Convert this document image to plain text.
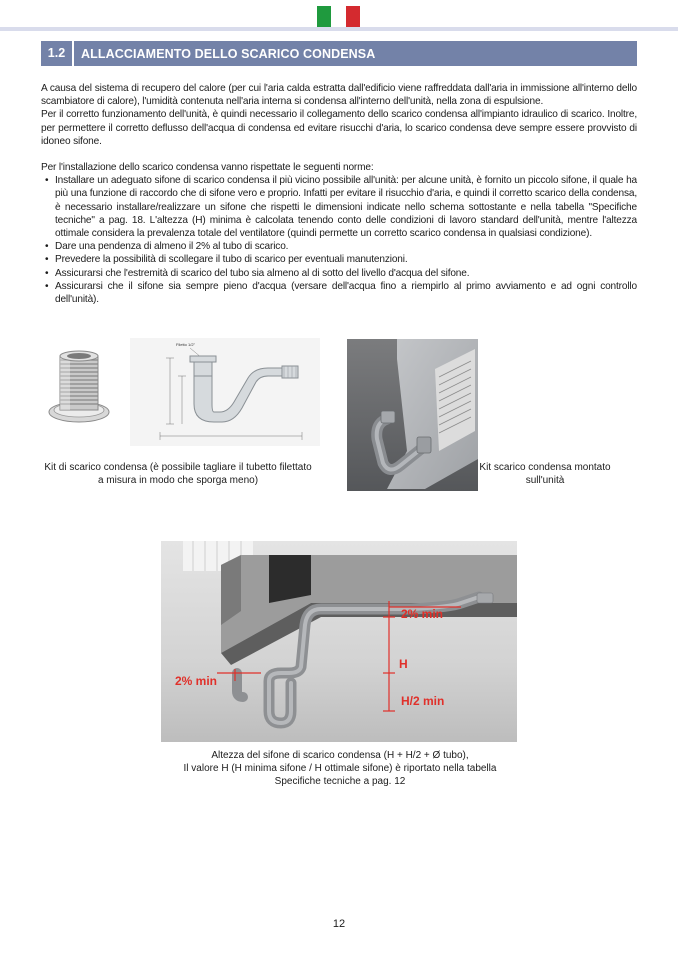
1.2	ALLACCIAMENTO DELLO SCARICO CONDENSA

A causa del sistema di recupero del calore (per cui l'aria calda estratta dall'edificio viene raffreddata dall'aria in immissione all'interno dello scambiatore di calore), l'umidità contenuta nell'aria interna si condensa all'interno dell'unità, nella zona di espulsione.

Per il corretto funzionamento dell'unità, è quindi necessario il collegamento dello scarico condensa all'impianto idraulico di scarico. Inoltre, per permettere il corretto deflusso dell'acqua di condensa ed evitare risucchi d'aria, lo scarico condensa deve sempre essere provvisto di idoneo sifone.

Per l'installazione dello scarico condensa vanno rispettate le seguenti norme:

• Installare un adeguato sifone di scarico condensa il più vicino possibile all'unità: per alcune unità, è fornito un piccolo sifone, il quale ha più una funzione di raccordo che di sifone vero e proprio. Infatti per evitare il risucchio d'aria, e quindi il corretto scarico della condensa, è necessario installare/realizzare un sifone che rispetti le dimensioni indicate nello schema sottostante e nella tabella "Specifiche tecniche" a pag. 18. L'altezza (H) minima è calcolata tenendo conto delle condizioni di lavoro standard dell'unità, mentre l'altezza ottimale considera la prevalenza totale del ventilatore (quindi permette un corretto scarico condensa in qualsiasi condizione).
• Dare una pendenza di almeno il 2% al tubo di scarico.
• Prevedere la possibilità di scollegare il tubo di scarico per eventuali manutenzioni.
• Assicurarsi che l'estremità di scarico del tubo sia almeno al di sotto del livello d'acqua del sifone.
• Assicurarsi che il sifone sia sempre pieno d'acqua (versare dell'acqua fino a riempirlo al primo avviamento e ad ogni controllo dell'unità).
Filetto 1/2"
Kit di scarico condensa (è possibile tagliare il tubetto filettato
a misura in modo che sporga meno)
Kit scarico condensa montato
sull'unità
2% min
2% min
H
H/2 min
Altezza del sifone di scarico condensa (H + H/2 + Ø tubo),
Il valore H (H minima sifone / H ottimale sifone) è riportato nella tabella
Specifiche tecniche a pag. 12
12
